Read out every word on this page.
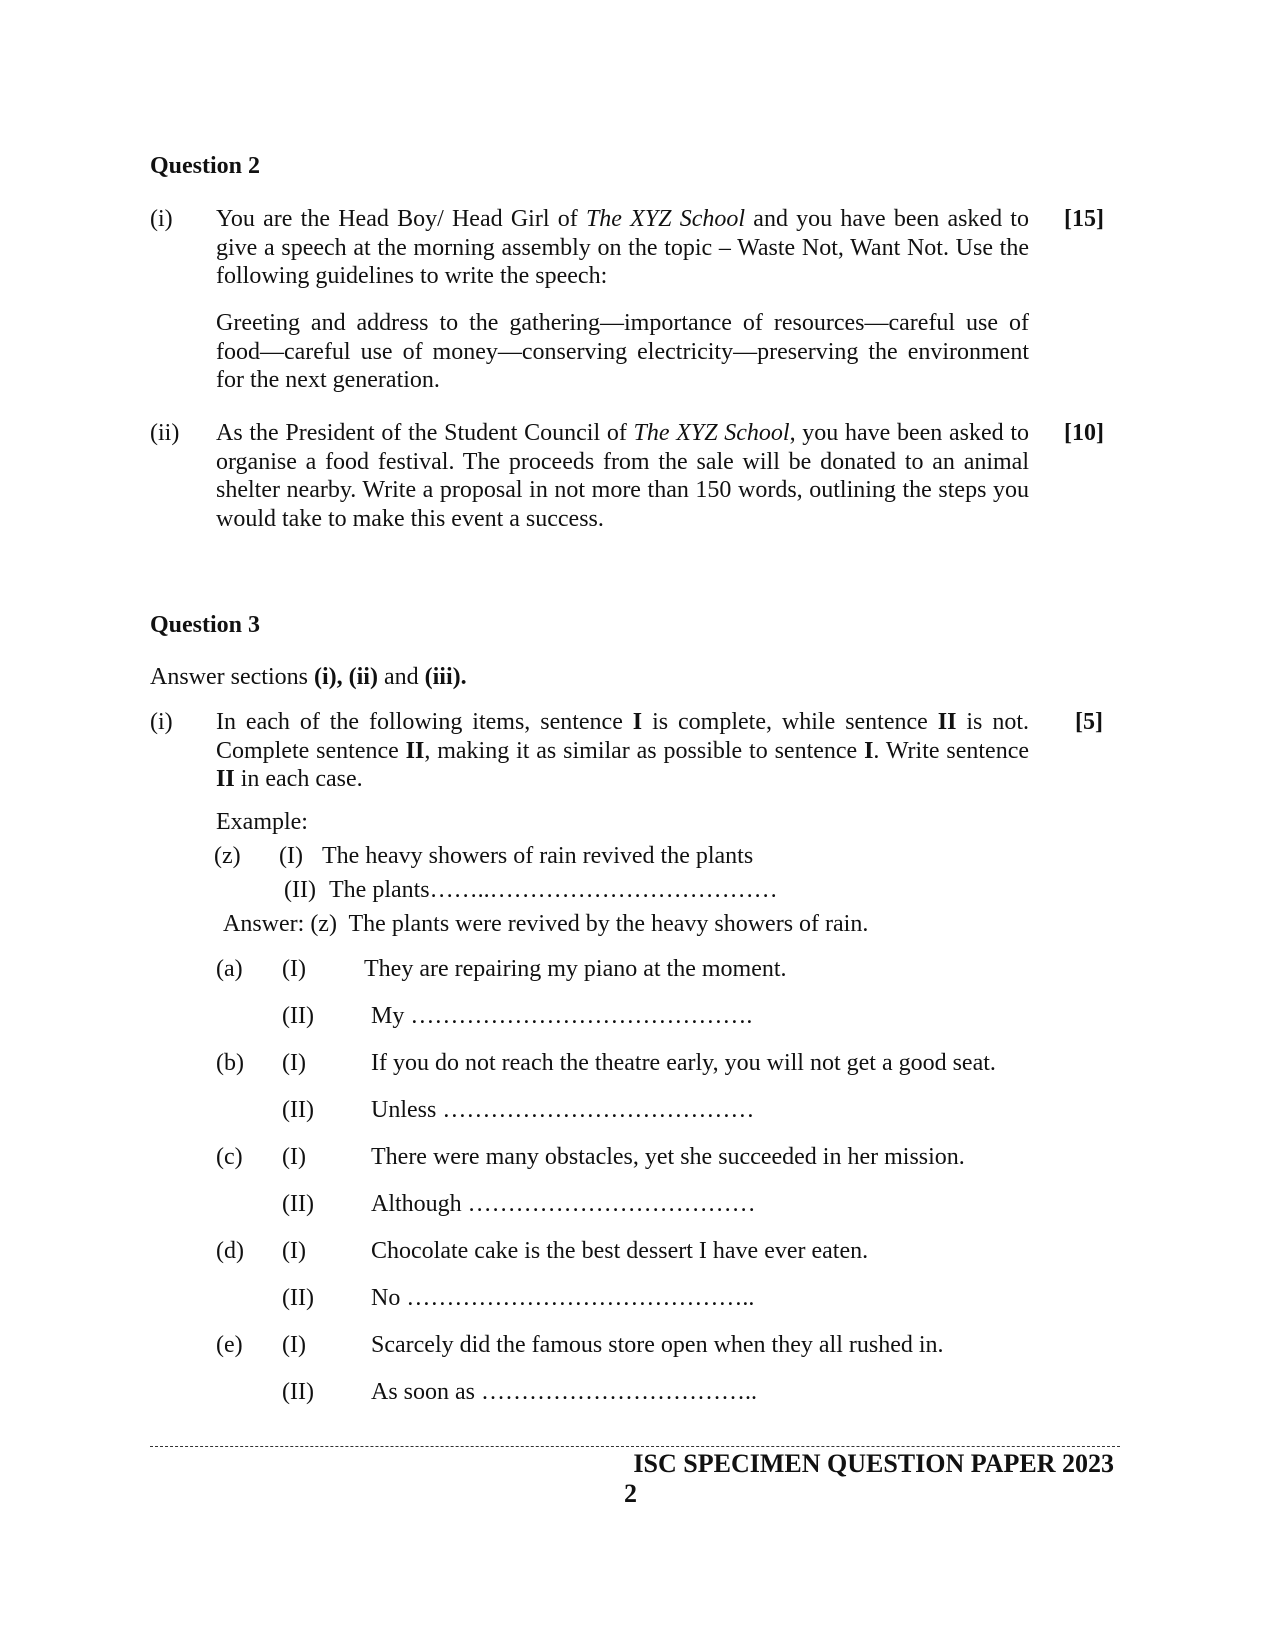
Question 2
(i) You are the Head Boy/ Head Girl of The XYZ School and you have been asked to give a speech at the morning assembly on the topic – Waste Not, Want Not. Use the following guidelines to write the speech:
[15]
Greeting and address to the gathering—importance of resources—careful use of food—careful use of money—conserving electricity—preserving the environment for the next generation.
(ii) As the President of the Student Council of The XYZ School, you have been asked to organise a food festival. The proceeds from the sale will be donated to an animal shelter nearby. Write a proposal in not more than 150 words, outlining the steps you would take to make this event a success.
[10]
Question 3
Answer sections (i), (ii) and (iii).
(i) In each of the following items, sentence I is complete, while sentence II is not. Complete sentence II, making it as similar as possible to sentence I. Write sentence II in each case.
[5]
Example:
(z) (I) The heavy showers of rain revived the plants
(II) The plants……..………………………………
Answer: (z)  The plants were revived by the heavy showers of rain.
(a) (I) They are repairing my piano at the moment.
(II) My …………………………………….
(b) (I)	If you do not reach the theatre early, you will not get a good seat.
(II) Unless …………………………………
(c) (I)	There were many obstacles, yet she succeeded in her mission.
(II) Although ………………………………
(d) (I)	Chocolate cake is the best dessert I have ever eaten.
(II) No ……………………………………..
(e) (I)	Scarcely did the famous store open when they all rushed in.
(II) As soon as ……………………………..
ISC SPECIMEN QUESTION PAPER 2023
2
